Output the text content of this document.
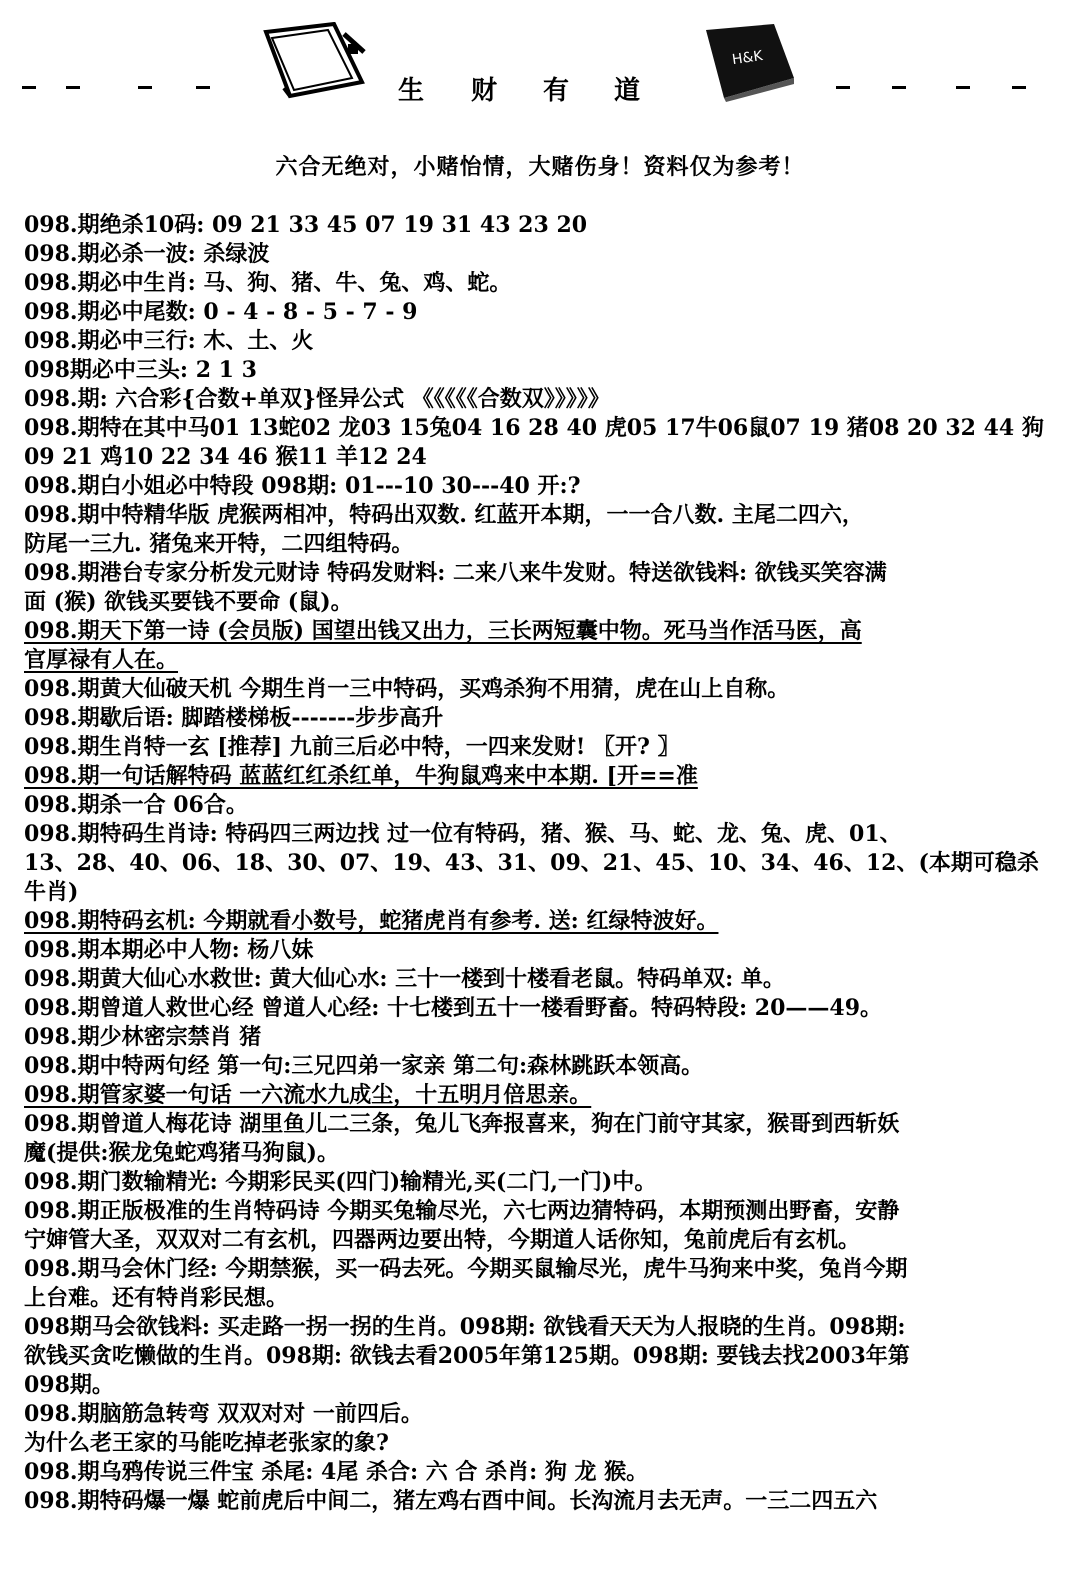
生 财 有 道
H&K
六合无绝对，小赌怡情，大赌伤身！资料仅为参考！
098.期绝杀10码: 09 21 33 45 07 19 31 43 23 20
098.期必杀一波: 杀绿波
098.期必中生肖: 马、狗、猪、牛、兔、鸡、蛇。
098.期必中尾数: 0 - 4 - 8 - 5 - 7 - 9
098.期必中三行: 木、土、火
098期必中三头: 2 1 3
098.期: 六合彩{合数+单双}怪异公式 《《《《《合数双》》》》》
098.期特在其中马01 13蛇02 龙03 15兔04 16 28 40 虎05 17牛06鼠07 19 猪08 20 32 44 狗
09 21 鸡10 22 34 46 猴11 羊12 24
098.期白小姐必中特段 098期: 01---10 30---40 开:?
098.期中特精华版 虎猴两相冲，特码出双数. 红蓝开本期，一一合八数. 主尾二四六，
防尾一三九. 猪兔来开特，二四组特码。
098.期港台专家分析发元财诗 特码发财料: 二来八来牛发财。特送欲钱料: 欲钱买笑容满
面 (猴) 欲钱买要钱不要命 (鼠)。
098.期天下第一诗 (会员版) 国望出钱又出力，三长两短囊中物。死马当作活马医，高
官厚禄有人在。
098.期黄大仙破天机 今期生肖一三中特码，买鸡杀狗不用猜，虎在山上自称。
098.期歇后语: 脚踏楼梯板-------步步高升
098.期生肖特一玄 [推荐] 九前三后必中特，一四来发财! 〖开? 〗
098.期一句话解特码 蓝蓝红红杀红单，牛狗鼠鸡来中本期. [开==准
098.期杀一合 06合。
098.期特码生肖诗: 特码四三两边找 过一位有特码，猪、猴、马、蛇、龙、兔、虎、01、
13、28、40、06、18、30、07、19、43、31、09、21、45、10、34、46、12、(本期可稳杀
牛肖)
098.期特码玄机: 今期就看小数号，蛇猪虎肖有参考. 送: 红绿特波好。
098.期本期必中人物: 杨八妹
098.期黄大仙心水救世: 黄大仙心水: 三十一楼到十楼看老鼠。特码单双: 单。
098.期曾道人救世心经 曾道人心经: 十七楼到五十一楼看野畜。特码特段: 20——49。
098.期少林密宗禁肖 猪
098.期中特两句经 第一句:三兄四弟一家亲 第二句:森林跳跃本领高。
098.期管家婆一句话 一六流水九成尘，十五明月倍思亲。
098.期曾道人梅花诗 湖里鱼儿二三条，兔儿飞奔报喜来，狗在门前守其家，猴哥到西斩妖
魔(提供:猴龙兔蛇鸡猪马狗鼠)。
098.期门数输精光: 今期彩民买(四门)输精光,买(二门,一门)中。
098.期正版极准的生肖特码诗 今期买兔输尽光，六七两边猜特码，本期预测出野畜，安静
宁婶管大圣，双双对二有玄机，四器两边要出特，今期道人话你知，兔前虎后有玄机。
098.期马会休门经: 今期禁猴，买一码去死。今期买鼠输尽光，虎牛马狗来中奖，兔肖今期
上台难。还有特肖彩民想。
098期马会欲钱料: 买走路一拐一拐的生肖。098期: 欲钱看天天为人报晓的生肖。098期:
欲钱买贪吃懒做的生肖。098期: 欲钱去看2005年第125期。098期: 要钱去找2003年第
098期。
098.期脑筋急转弯 双双对对 一前四后。
为什么老王家的马能吃掉老张家的象?
098.期乌鸦传说三件宝 杀尾: 4尾 杀合: 六 合 杀肖: 狗 龙 猴。
098.期特码爆一爆 蛇前虎后中间二，猪左鸡右酉中间。长沟流月去无声。一三二四五六
